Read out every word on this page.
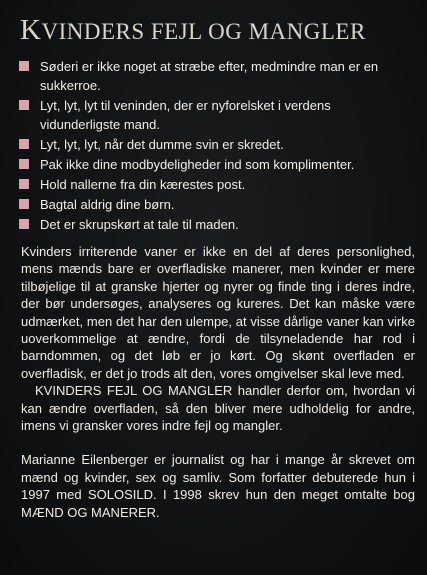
KVINDERS FEJL OG MANGLER
Søderi er ikke noget at stræbe efter, medmindre man er en sukkerroe.
Lyt, lyt, lyt til veninden, der er nyforelsket i verdens vidunderligste mand.
Lyt, lyt, lyt, når det dumme svin er skredet.
Pak ikke dine modbydeligheder ind som komplimenter.
Hold nallerne fra din kærestes post.
Bagtal aldrig dine børn.
Det er skrupskørt at tale til maden.

Kvinders irriterende vaner er ikke en del af deres personlighed, mens mænds bare er overfladiske manerer, men kvinder er mere tilbøjelige til at granske hjerter og nyrer og finde ting i deres indre, der bør undersøges, analyseres og kureres. Det kan måske være udmærket, men det har den ulempe, at visse dårlige vaner kan virke uoverkommelige at ændre, fordi de tilsyneladende har rod i barndommen, og det løb er jo kørt. Og skønt overfladen er overfladisk, er det jo trods alt den, vores omgivelser skal leve med.

KVINDERS FEJL OG MANGLER handler derfor om, hvordan vi kan ændre overfladen, så den bliver mere udholdelig for andre, imens vi gransker vores indre fejl og mangler.

Marianne Eilenberger er journalist og har i mange år skrevet om mænd og kvinder, sex og samliv. Som forfatter debuterede hun i 1997 med SOLOSILD. I 1998 skrev hun den meget omtalte bog MÆND OG MANERER.
